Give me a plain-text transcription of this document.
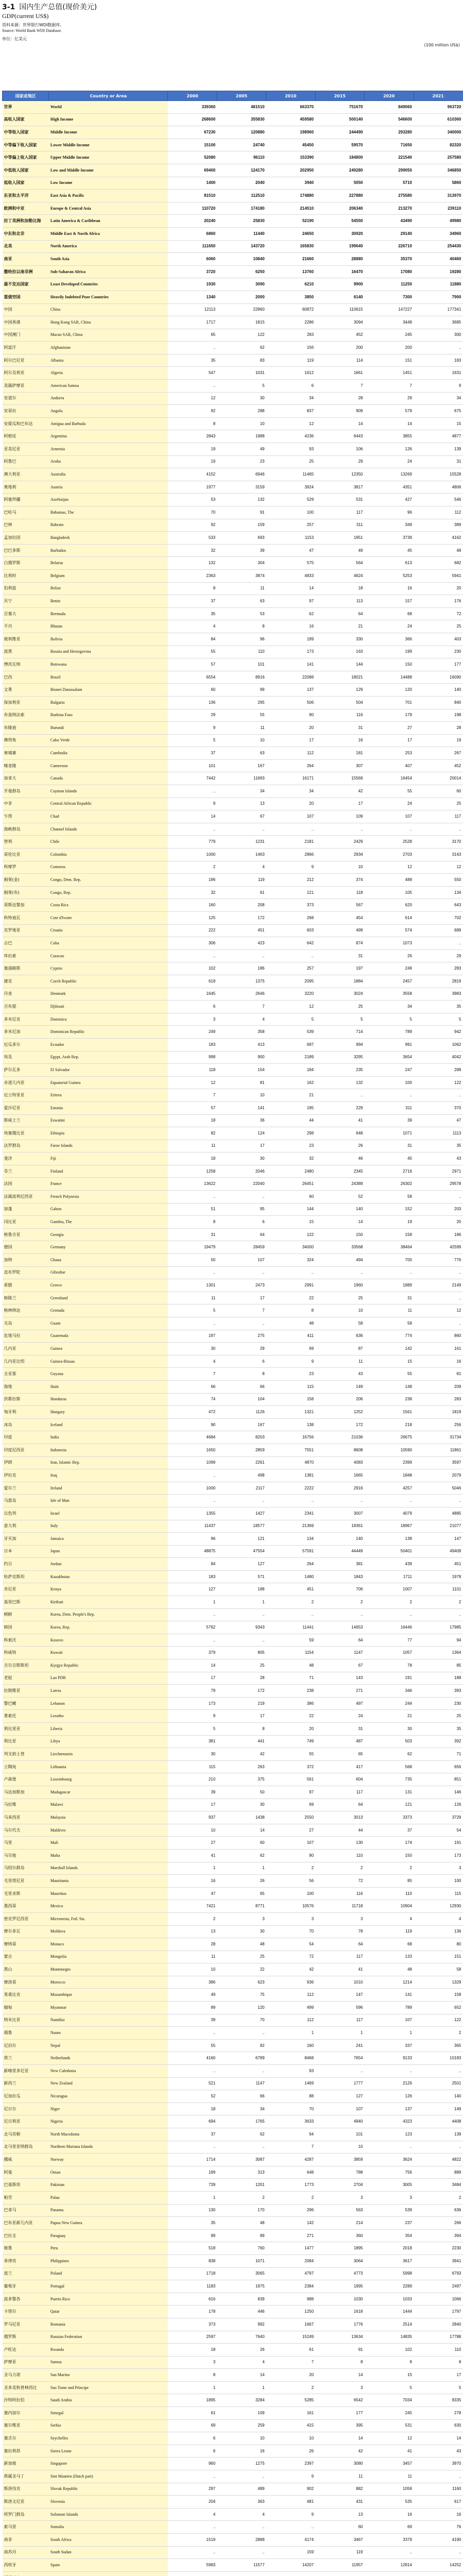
3-1 国内生产总值(现价美元)
GDP(current US$)
资料来源：世界银行WDI数据库。
Source: World Bank WDI Database.
单位：亿美元
(100 million US$)
国家或地区	Country or Area	2000	2005	2010	2015	2020	2021
世界	World	339360	481510	663370	751670	849060	963720
高收入国家	High Income	268600	355830	459580	500140	546600	610360
中等收入国家	Middle Income	67230	120880	198960	244490	293280	340000
中等偏下收入国家	Lower Middle Income	15100	24740	45450	59570	71650	82320
中等偏上收入国家	Upper Middle Income	52080	96110	153390	184800	221540	257580
中低收入国家	Low and Middle Income	69400	124170	202950	249280	299050	346850
低收入国家	Low Income	1400	2040	3940	5050	5710	5860
东亚和太平洋	East Asia & Pacific	81510	112510	174880	227880	275580	313970
欧洲和中亚	Europe & Central Asia	110720	174180	214510	206340	213270	239110
拉丁美洲和加勒比海	Latin America & Caribbean	20240	25830	52190	54550	43490	49980
中东和北非	Middle East & North Africa	6860	11440	24650	30920	29140	34960
北美	North America	111650	143720	165830	199640	226710	254430
南亚	South Asia	6060	10840	21660	28880	35370	40460
撒哈拉以南非洲	Sub-Saharan Africa	3720	6250	13760	16470	17080	19280
最不发达国家	Least Developed Countries	1930	3090	6210	9900	11250	11880
重债穷国	Heavily Indebted Poor Countries	1340	2000	3850	6140	7300	7900
中国	China	12113	22860	60872	110615	147227	177341
中国香港	Hong Kong SAR, China	1717	1815	2286	3094	3448	3685
中国澳门	Macao SAR, China	65	122	283	452	245	300
阿富汗	Afghanistan	..	62	156	200	200	..
阿尔巴尼亚	Albania	35	83	119	114	151	183
阿尔及利亚	Algeria	547	1031	1612	1661	1451	1631
美属萨摩亚	American Samoa	..	5	6	7	7	9
安道尔	Andorra	12	30	34	28	29	34
安哥拉	Angola	92	288	837	909	579	675
安提瓜和巴布达	Antigua and Barbuda	8	10	12	14	14	15
阿根廷	Argentina	2843	1988	4236	6443	3855	4877
亚美尼亚	Armenia	19	49	93	106	126	139
阿鲁巴	Aruba	19	23	25	29	24	31
澳大利亚	Australia	4152	6946	11465	12350	13269	15528
奥地利	Austria	1977	3159	3924	3817	4351	4806
阿塞拜疆	Azerbaijan	53	132	529	531	427	546
巴哈马	Bahamas, The	70	91	100	117	96	112
巴林	Bahrain	92	159	257	311	349	389
孟加拉国	Bangladesh	533	693	1153	1951	3739	4162
巴巴多斯	Barbados	32	39	47	49	45	48
白俄罗斯	Belarus	132	304	575	564	613	682
比利时	Belgium	2363	3874	4833	4624	5253	5941
伯利兹	Belize	8	11	14	18	16	20
贝宁	Benin	37	63	97	113	157	176
百慕大	Bermuda	35	53	62	64	68	72
不丹	Bhutan	4	8	16	21	24	25
玻利维亚	Bolivia	84	96	199	330	366	403
波黑	Bosnia and Herzegovina	55	110	173	163	199	230
博茨瓦纳	Botswana	57	101	141	144	150	177
巴西	Brazil	6554	8916	22088	18021	14488	16090
文莱	Brunei Darussalam	60	99	137	129	120	140
保加利亚	Bulgaria	136	295	506	504	701	840
布基纳法索	Burkina Faso	29	55	90	116	179	198
布隆迪	Burundi	9	11	20	31	27	28
佛得角	Cabo Verde	5	10	17	16	17	19
柬埔寨	Cambodia	37	63	112	181	253	267
喀麦隆	Cameroon	101	167	264	307	407	452
加拿大	Canada	7442	11693	16171	15569	16454	20014
开曼群岛	Cayman Islands	..	34	34	42	55	60
中非	Central African Republic	9	13	20	17	24	25
乍得	Chad	14	67	107	109	107	117
海峡群岛	Channel Islands	..	..	..	..	..	..
智利	Chile	779	1231	2181	2429	2528	3170
哥伦比亚	Colombia	1000	1463	2866	2934	2703	3143
科摩罗	Comoros	2	4	9	10	12	12
刚果(金)	Congo, Dem. Rep.	196	119	212	374	488	550
刚果(布)	Congo, Rep.	32	61	121	118	105	134
哥斯达黎加	Costa Rica	160	208	373	567	620	643
科特迪瓦	Cote d'Ivoire	125	172	268	454	614	702
克罗地亚	Croatia	222	451	603	499	574	689
古巴	Cuba	306	423	642	874	1073	..
库拉索	Curacao	..	..	..	31	26	29
塞浦路斯	Cyprus	102	186	257	197	249	283
捷克	Czech Republic	618	1375	2095	1884	2457	2819
丹麦	Denmark	1645	2646	3220	3024	3558	3983
吉布提	Djibouti	6	7	12	25	34	35
多米尼克	Dominica	3	4	5	5	5	5
多米尼加	Dominican Republic	249	358	539	714	789	942
厄瓜多尔	Ecuador	183	413	697	994	991	1062
埃及	Egypt, Arab Rep.	998	900	2189	3295	3654	4042
萨尔瓦多	El Salvador	118	154	184	235	247	288
赤道几内亚	Equatorial Guinea	12	81	162	132	100	122
厄立特里亚	Eritrea	7	10	21	..	..	..
爱沙尼亚	Estonia	57	141	195	229	311	370
斯威士兰	Eswatini	18	36	44	41	39	47
埃塞俄比亚	Ethiopia	82	124	298	648	1071	1113
法罗群岛	Faroe Islands	11	17	23	26	31	35
斐济	Fiji	18	30	32	46	45	43
芬兰	Finland	1258	2046	2480	2345	2716	2971
法国	France	13622	22040	26451	24389	26302	29578
法属波利尼西亚	French Polynesia	..	..	60	52	58	..
加蓬	Gabon	51	95	144	140	152	203
冈比亚	Gambia, The	8	6	15	14	19	20
格鲁吉亚	Georgia	31	64	122	150	158	186
德国	Germany	19479	28459	34000	33568	38464	42599
加纳	Ghana	50	107	324	494	700	776
直布罗陀	Gibraltar	..	..	..	..	..	..
希腊	Greece	1301	2473	2991	1960	1889	2149
格陵兰	Greenland	11	17	22	25	31	..
格林纳达	Grenada	5	7	8	10	11	12
关岛	Guam	..	..	48	58	58	..
危地马拉	Guatemala	197	275	411	636	774	860
几内亚	Guinea	30	29	69	87	142	161
几内亚比绍	Guinea-Bissau	4	6	9	11	15	16
圭亚那	Guyana	7	8	23	43	55	81
海地	Haiti	66	66	115	149	148	209
洪都拉斯	Honduras	74	104	158	206	238	283
匈牙利	Hungary	472	1126	1321	1252	1561	1819
冰岛	Iceland	90	167	138	172	218	256
印度	India	4684	8203	16756	21036	26675	31734
印度尼西亚	Indonesia	1650	2859	7551	8608	10590	11861
伊朗	Iran, Islamic Rep.	1099	2261	4870	4083	2399	3597
伊拉克	Iraq	..	498	1381	1665	1848	2079
爱尔兰	Ireland	1000	2117	2222	2916	4257	5046
马恩岛	Isle of Man	..	..	..	..	..	..
以色列	Israel	1355	1427	2341	3007	4079	4885
意大利	Italy	11437	18577	21369	18361	18967	21077
牙买加	Jamaica	96	121	134	140	138	147
日本	Japan	48875	47554	57591	44449	50401	49409
约旦	Jordan	84	127	264	381	439	451
哈萨克斯坦	Kazakhstan	183	571	1480	1843	1711	1978
肯尼亚	Kenya	127	188	451	706	1007	1101
基里巴斯	Kiribati	1	1	2	2	2	2
朝鲜	Korea, Dem. People's Rep.	..	..	..	..	..	..
韩国	Korea, Rep.	5762	9343	11441	14653	16446	17985
科索沃	Kosovo	..	..	59	64	77	94
科威特	Kuwait	379	805	1154	1147	1057	1364
吉尔吉斯斯坦	Kyrgyz Republic	14	25	48	67	78	85
老挝	Lao PDR	17	28	71	143	191	188
拉脱维亚	Latvia	79	172	238	271	346	393
黎巴嫩	Lebanon	173	219	386	497	244	230
莱索托	Lesotho	9	17	22	24	21	25
利比里亚	Liberia	5	8	20	31	30	35
利比亚	Libya	381	441	749	487	503	392
列支敦士登	Liechtenstein	30	42	55	65	62	71
立陶宛	Lithuania	115	263	372	417	568	656
卢森堡	Luxembourg	210	375	561	604	735	851
马达加斯加	Madagascar	39	50	97	117	131	146
马拉维	Malawi	17	30	69	64	121	126
马来西亚	Malaysia	937	1438	2550	3013	3373	3729
马尔代夫	Maldives	10	14	27	44	37	54
马里	Mali	27	60	107	130	174	191
马耳他	Malta	41	62	90	110	150	173
马绍尔群岛	Marshall Islands	1	1	2	2	2	3
毛里塔尼亚	Mauritania	16	26	56	72	85	100
毛里求斯	Mauritius	47	65	100	116	110	115
墨西哥	Mexico	7421	8771	10576	11718	10904	12930
密克罗尼西亚	Micronesia, Fed. Sts.	2	3	3	3	4	4
摩尔多瓦	Moldova	13	30	70	78	119	136
摩纳哥	Monaco	28	48	54	64	68	80
蒙古	Mongolia	11	25	72	117	133	151
黑山	Montenegro	10	22	42	41	48	58
摩洛哥	Morocco	386	623	936	1010	1214	1329
莫桑比克	Mozambique	49	75	112	147	141	158
缅甸	Myanmar	89	120	499	596	789	652
纳米比亚	Namibia	39	70	112	117	107	122
瑙鲁	Nauru	..	..	1	1	1	2
尼泊尔	Nepal	55	82	160	241	337	365
荷兰	Netherlands	4160	6789	8468	7654	9133	10183
新喀里多尼亚	New Caledonia	..	..	93	..	..	..
新西兰	New Zealand	521	1147	1469	1777	2126	2501
尼加拉瓜	Nicaragua	52	66	88	127	126	140
尼日尔	Niger	18	34	70	107	137	149
尼日利亚	Nigeria	694	1765	3633	4940	4323	4408
北马其顿	North Macedonia	37	62	94	101	123	139
北马里亚纳群岛	Northern Mariana Islands	..	..	7	10	..	..
挪威	Norway	1714	3087	4287	3859	3624	4822
阿曼	Oman	199	313	648	788	756	889
巴基斯坦	Pakistan	739	1201	1773	2704	3005	3484
帕劳	Palau	1	2	2	3	3	2
巴拿马	Panama	130	170	296	563	539	636
巴布亚新几内亚	Papua New Guinea	35	48	142	214	237	266
巴拉圭	Paraguay	89	89	271	360	354	394
秘鲁	Peru	518	760	1477	1895	2018	2230
菲律宾	Philippines	838	1071	2084	3064	3617	3941
波兰	Poland	1718	3065	4797	4773	5998	6793
葡萄牙	Portugal	1183	1975	2384	1995	2289	2497
波多黎各	Puerto Rico	616	839	988	1030	1033	1066
卡塔尔	Qatar	178	446	1250	1618	1444	1797
罗马尼亚	Romania	373	992	1667	1776	2514	2840
俄罗斯	Russian Federation	2597	7640	15249	13634	14835	17788
卢旺达	Rwanda	18	26	61	91	102	110
萨摩亚	Samoa	3	4	7	8	8	8
圣马力诺	San Marino	8	14	20	14	15	17
圣多美和普林西比	Sao Tome and Principe	1	1	2	3	5	5
沙特阿拉伯	Saudi Arabia	1895	3284	5285	6542	7034	8335
塞内加尔	Senegal	61	109	161	177	245	278
塞尔维亚	Serbia	69	259	415	395	531	630
塞舌尔	Seychelles	6	10	10	14	12	14
塞拉利昂	Sierra Leone	6	16	26	42	41	43
新加坡	Singapore	960	1275	2397	3080	3457	3970
荷属圣马丁	Sint Maarten (Dutch part)	..	..	9	11	11	..
斯洛伐克	Slovak Republic	297	489	902	882	1058	1160
斯洛文尼亚	Slovenia	204	363	481	431	535	617
所罗门群岛	Solomon Islands	4	4	9	13	16	16
索马里	Somalia	..	..	..	60	69	76
南非	South Africa	1519	2888	4174	3467	3379	4190
南苏丹	South Sudan	..	..	159	119	..	..
西班牙	Spain	5983	11577	14207	11957	12814	14252
